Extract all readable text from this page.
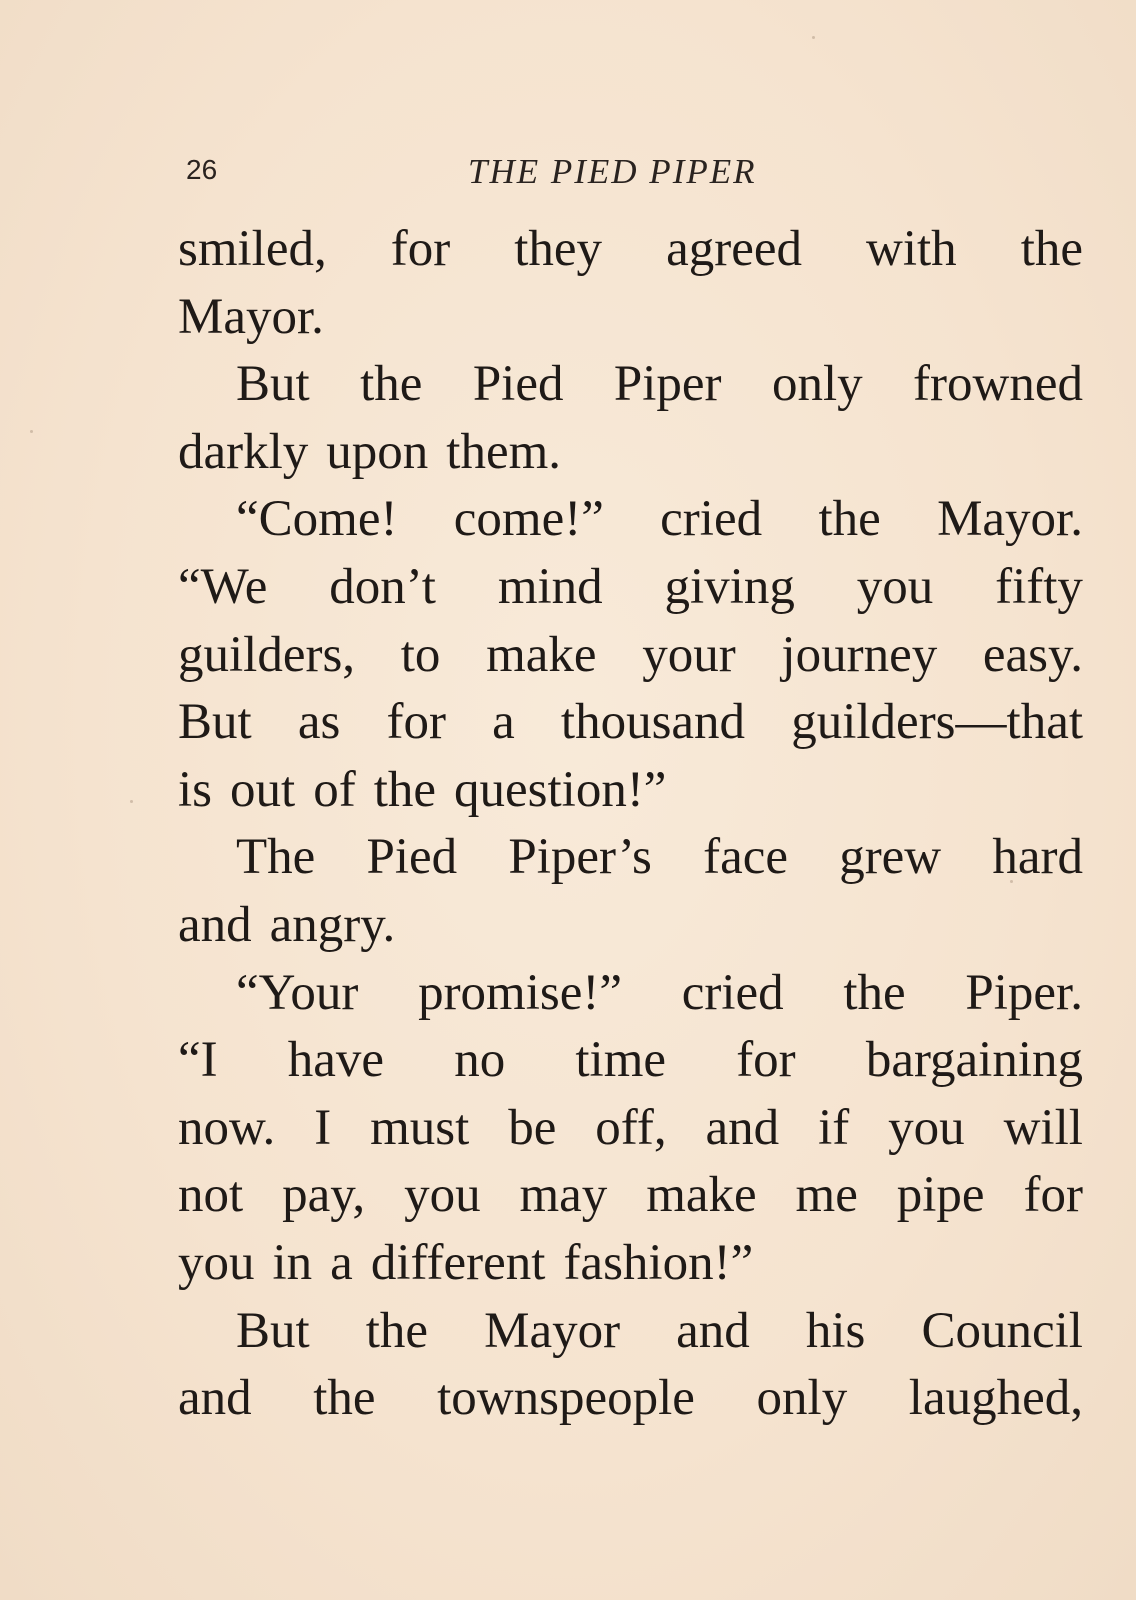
26	THE PIED PIPER
smiled, for they agreed with the
Mayor.
But the Pied Piper only frowned
darkly upon them.
“Come! come!” cried the Mayor.
“We don’t mind giving you fifty
guilders, to make your journey easy.
But as for a thousand guilders—that
is out of the question!”
The Pied Piper’s face grew hard
and angry.
“Your promise!” cried the Piper.
“I have no time for bargaining
now. I must be off, and if you will
not pay, you may make me pipe for
you in a different fashion!”
But the Mayor and his Council
and the townspeople only laughed,
